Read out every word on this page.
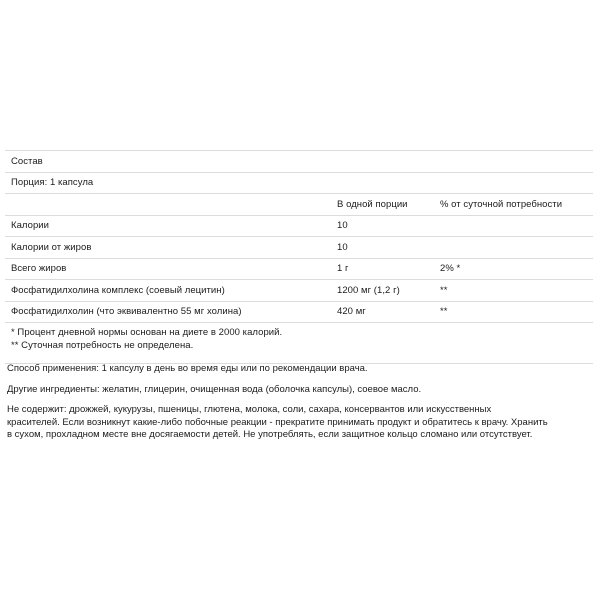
Состав		
Порция: 1 капсула		
	В одной порции	% от суточной потребности
Калории	10	
Калории от жиров	10	
Всего жиров	1 г	2% *
Фосфатидилхолина комплекс (соевый лецитин)	1200 мг (1,2 г)	**
Фосфатидилхолин (что эквивалентно 55 мг холина)	420 мг	**

* Процент дневной нормы основан на диете в 2000 калорий.
** Суточная потребность не определена.		

Способ применения: 1 капсулу в день во время еды или по рекомендации врача.

Другие ингредиенты: желатин, глицерин, очищенная вода (оболочка капсулы), соевое масло.

Не содержит: дрожжей, кукурузы, пшеницы, глютена, молока, соли, сахара, консервантов или искусственных
красителей. Если возникнут какие-либо побочные реакции - прекратите принимать продукт и обратитесь к врачу. Хранить
в сухом, прохладном месте вне досягаемости детей. Не употреблять, если защитное кольцо сломано или отсутствует.
